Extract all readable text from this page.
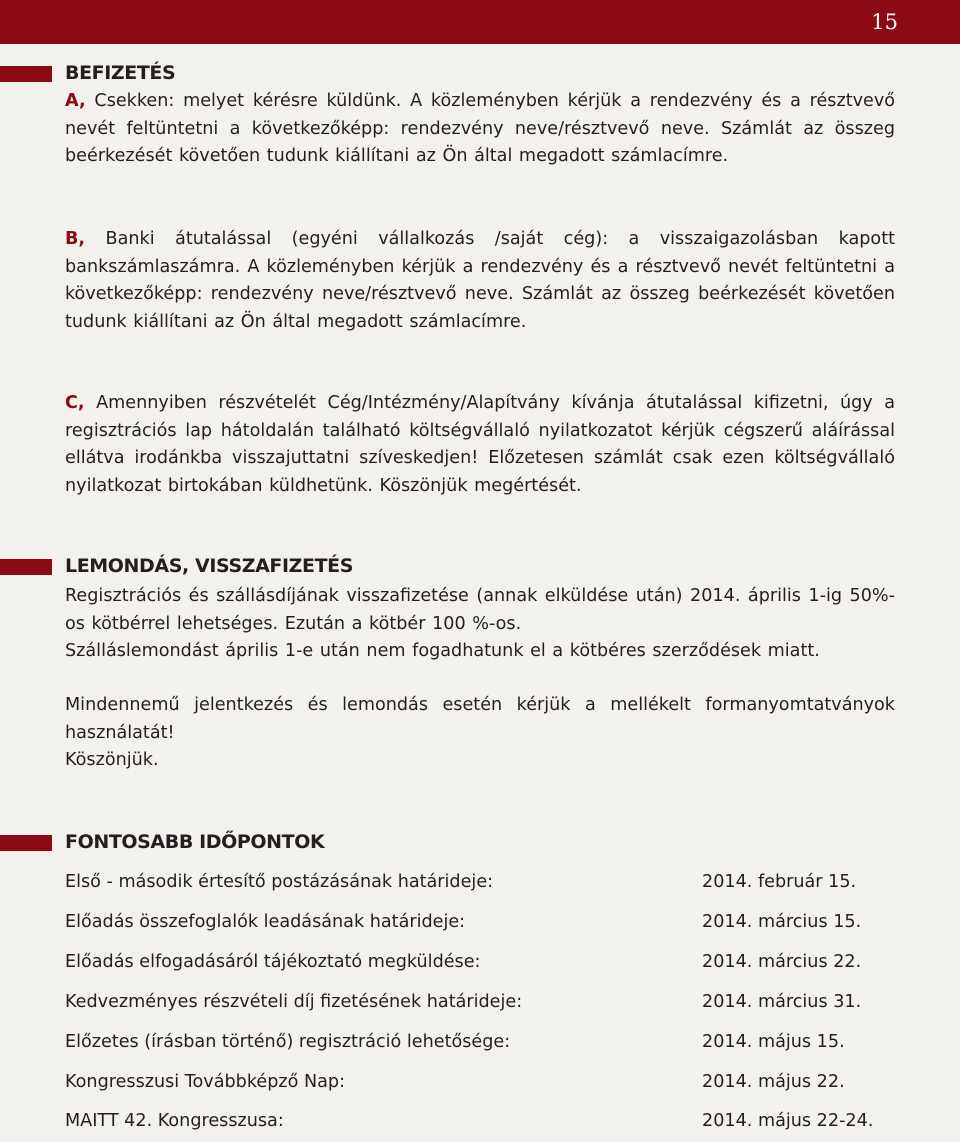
15
BEFIZETÉS

A, Csekken: melyet kérésre küldünk. A közleményben kérjük a rendezvény és a résztvevő nevét feltüntetni a következőképp: rendezvény neve/résztvevő neve. Számlát az összeg beérkezését követően tudunk kiállítani az Ön által megadott számlacímre.

B, Banki átutalással (egyéni vállalkozás /saját cég): a visszaigazolásban kapott bankszámlaszámra. A közleményben kérjük a rendezvény és a résztvevő nevét feltüntetni a következőképp: rendezvény neve/résztvevő neve. Számlát az összeg beérkezését követően tudunk kiállítani az Ön által megadott számlacímre.

C, Amennyiben részvételét Cég/Intézmény/Alapítvány kívánja átutalással kifizetni, úgy a regisztrációs lap hátoldalán található költségvállaló nyilatkozatot kérjük cégszerű aláírással ellátva irodánkba visszajuttatni szíveskedjen! Előzetesen számlát csak ezen költségvállaló nyilatkozat birtokában küldhetünk. Köszönjük megértését.

LEMONDÁS, VISSZAFIZETÉS

Regisztrációs és szállásdíjának visszafizetése (annak elküldése után) 2014. április 1-ig 50%-os kötbérrel lehetséges. Ezután a kötbér 100 %-os.

Szálláslemondást április 1-e után nem fogadhatunk el a kötbéres szerződések miatt.

Mindennemű jelentkezés és lemondás esetén kérjük a mellékelt formanyomtatványok használatát!

Köszönjük.

FONTOSABB IDŐPONTOK
Első - második értesítő postázásának határideje:	2014. február 15.
Előadás összefoglalók leadásának határideje:	2014. március 15.
Előadás elfogadásáról tájékoztató megküldése:	2014. március 22.
Kedvezményes részvételi díj fizetésének határideje:	2014. március 31.
Előzetes (írásban történő) regisztráció lehetősége:	2014. május 15.
Kongresszusi Továbbképző Nap:	2014. május 22.
MAITT 42. Kongresszusa:	2014. május 22-24.
